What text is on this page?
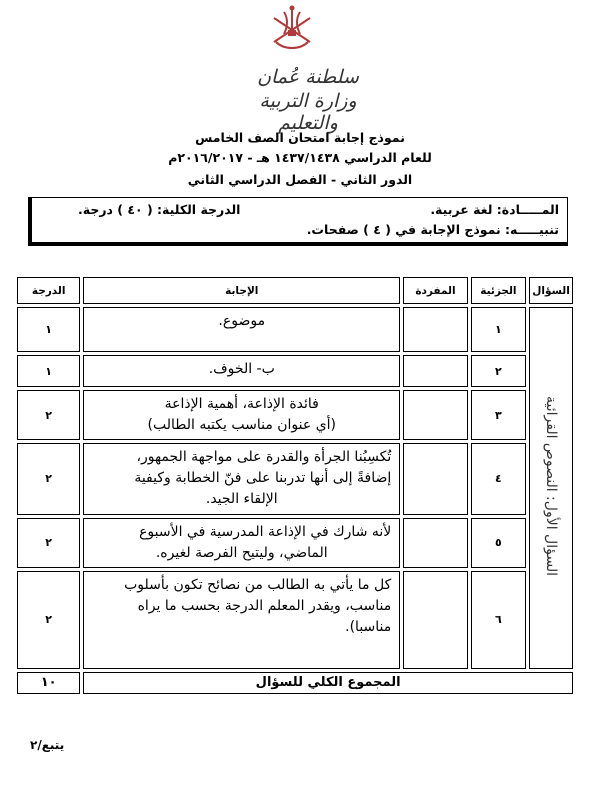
سلطنة عُمان
وزارة التربية والتعليم
نموذج إجابة امتحان الصف الخامس
للعام الدراسي ١٤٣٧/١٤٣٨ هـ - ٢٠١٦/٢٠١٧م
الدور الثاني - الفصل الدراسي الثاني
المـــــادة: لغة عربية.
الدرجة الكلية: ( ٤٠ ) درجة.
تنبيـــــه: نموذج الإجابة في ( ٤ ) صفحات.
السؤال	الجزئية	المفردة	الإجابة	الدرجة
السؤال الأول: النصوص القرائية	١		موضوع.	١
	٢		ب- الخوف.	١
	٣		فائدة الإذاعة، أهمية الإذاعة
(أي عنوان مناسب يكتبه الطالب)	٢
	٤		تُكسِبُنا الجرأة والقدرة على مواجهة الجمهور،
إضافةً إلى أنها تدربنا على فنّ الخطابة وكيفية
الإلقاء الجيد.	٢
	٥		لأنه شارك في الإذاعة المدرسية في الأسبوع
الماضي، وليتيح الفرصة لغيره.	٢
	٦		كل ما يأتي به الطالب من نصائح تكون بأسلوب
مناسب، ويقدر المعلم الدرجة بحسب ما يراه
مناسبا).	٢
المجموع الكلي للسؤال				١٠
يتبع/٢
